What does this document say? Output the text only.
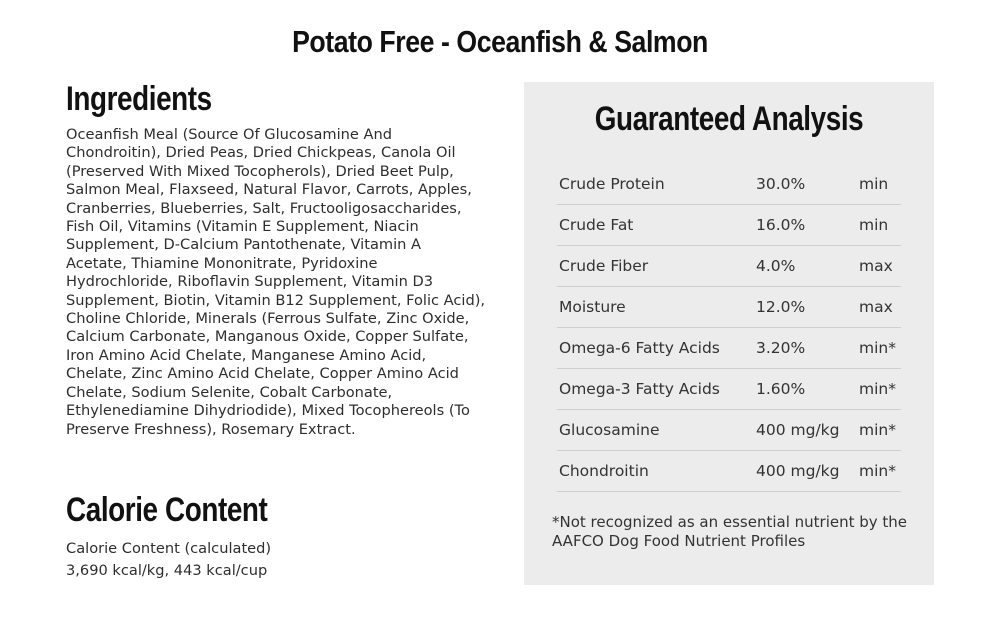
Potato Free - Oceanfish & Salmon
Ingredients

Oceanfish Meal (Source Of Glucosamine And Chondroitin), Dried Peas, Dried Chickpeas, Canola Oil (Preserved With Mixed Tocopherols), Dried Beet Pulp, Salmon Meal, Flaxseed, Natural Flavor, Carrots, Apples, Cranberries, Blueberries, Salt, Fructooligosaccharides, Fish Oil, Vitamins (Vitamin E Supplement, Niacin Supplement, D-Calcium Pantothenate, Vitamin A Acetate, Thiamine Mononitrate, Pyridoxine Hydrochloride, Riboflavin Supplement, Vitamin D3 Supplement, Biotin, Vitamin B12 Supplement, Folic Acid), Choline Chloride, Minerals (Ferrous Sulfate, Zinc Oxide, Calcium Carbonate, Manganous Oxide, Copper Sulfate, Iron Amino Acid Chelate, Manganese Amino Acid, Chelate, Zinc Amino Acid Chelate, Copper Amino Acid Chelate, Sodium Selenite, Cobalt Carbonate, Ethylenediamine Dihydriodide), Mixed Tocophereols (To Preserve Freshness), Rosemary Extract.

Calorie Content
Calorie Content (calculated)
3,690 kcal/kg, 443 kcal/cup
Guaranteed Analysis
Crude Protein	30.0%	min
Crude Fat	16.0%	min
Crude Fiber	4.0%	max
Moisture	12.0%	max
Omega-6 Fatty Acids 3.20%	min*
Omega-3 Fatty Acids 1.60%	min*
Glucosamine	400 mg/kg min*
Chondroitin	400 mg/kg min*
*Not recognized as an essential nutrient by the AAFCO Dog Food Nutrient Profiles
